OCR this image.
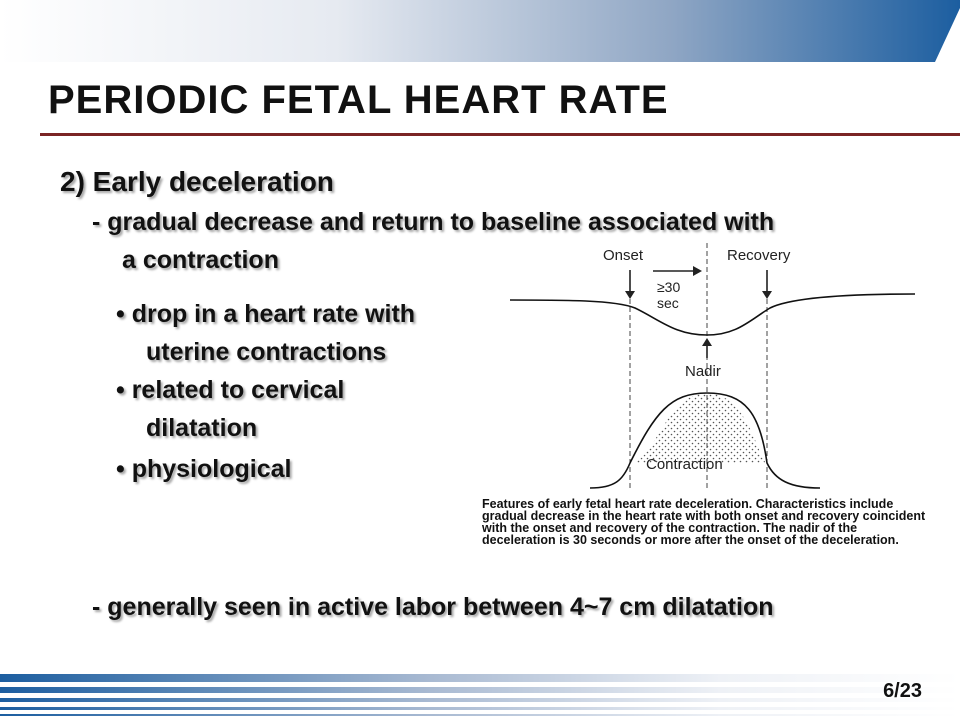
PERIODIC FETAL HEART RATE

2) Early deceleration

- gradual decrease and return to baseline associated with

a contraction

• drop in a heart rate with

uterine contractions

• related to cervical

dilatation

• physiological

Onset	Recovery
≥30
sec
Nadir
Contraction

Features of early fetal heart rate deceleration. Characteristics include gradual decrease in the heart rate with both onset and recovery coincident with the onset and recovery of the contraction. The nadir of the deceleration is 30 seconds or more after the onset of the deceleration.

- generally seen in active labor between 4~7 cm dilatation

6/23
